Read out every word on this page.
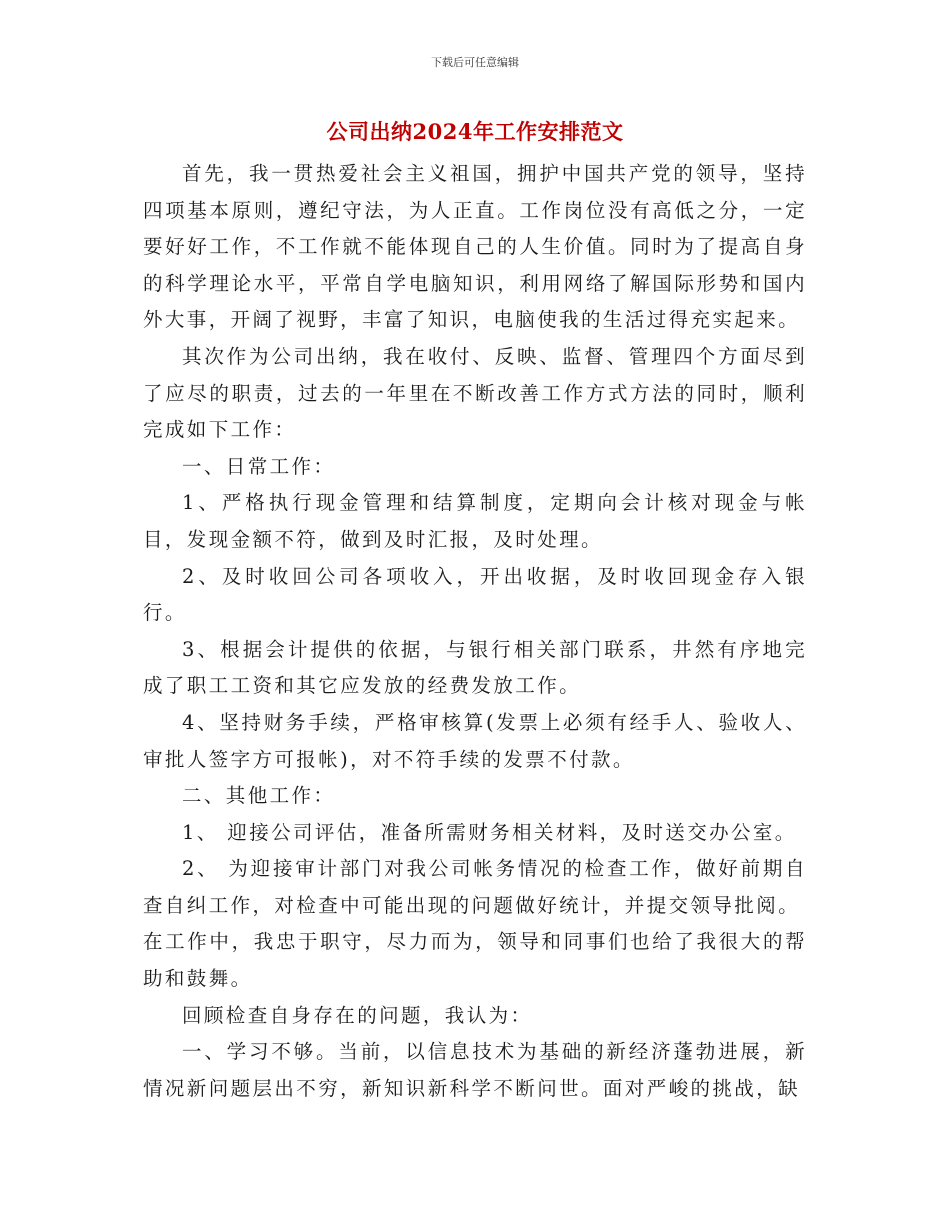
下载后可任意编辑
公司出纳2024年工作安排范文

首先，我一贯热爱社会主义祖国，拥护中国共产党的领导，坚持四项基本原则，遵纪守法，为人正直。工作岗位没有高低之分，一定要好好工作，不工作就不能体现自己的人生价值。同时为了提高自身的科学理论水平，平常自学电脑知识，利用网络了解国际形势和国内外大事，开阔了视野，丰富了知识，电脑使我的生活过得充实起来。

其次作为公司出纳，我在收付、反映、监督、管理四个方面尽到了应尽的职责，过去的一年里在不断改善工作方式方法的同时，顺利完成如下工作：

一、日常工作：

1、严格执行现金管理和结算制度，定期向会计核对现金与帐目，发现金额不符，做到及时汇报，及时处理。

2、及时收回公司各项收入，开出收据，及时收回现金存入银行。

3、根据会计提供的依据，与银行相关部门联系，井然有序地完成了职工工资和其它应发放的经费发放工作。

4、坚持财务手续，严格审核算(发票上必须有经手人、验收人、审批人签字方可报帐)，对不符手续的发票不付款。

二、其他工作：

1、 迎接公司评估，准备所需财务相关材料，及时送交办公室。

2、 为迎接审计部门对我公司帐务情况的检查工作，做好前期自查自纠工作，对检查中可能出现的问题做好统计，并提交领导批阅。

在工作中，我忠于职守，尽力而为，领导和同事们也给了我很大的帮助和鼓舞。

回顾检查自身存在的问题，我认为：

一、学习不够。当前，以信息技术为基础的新经济蓬勃进展，新情况新问题层出不穷，新知识新科学不断问世。面对严峻的挑战，缺
